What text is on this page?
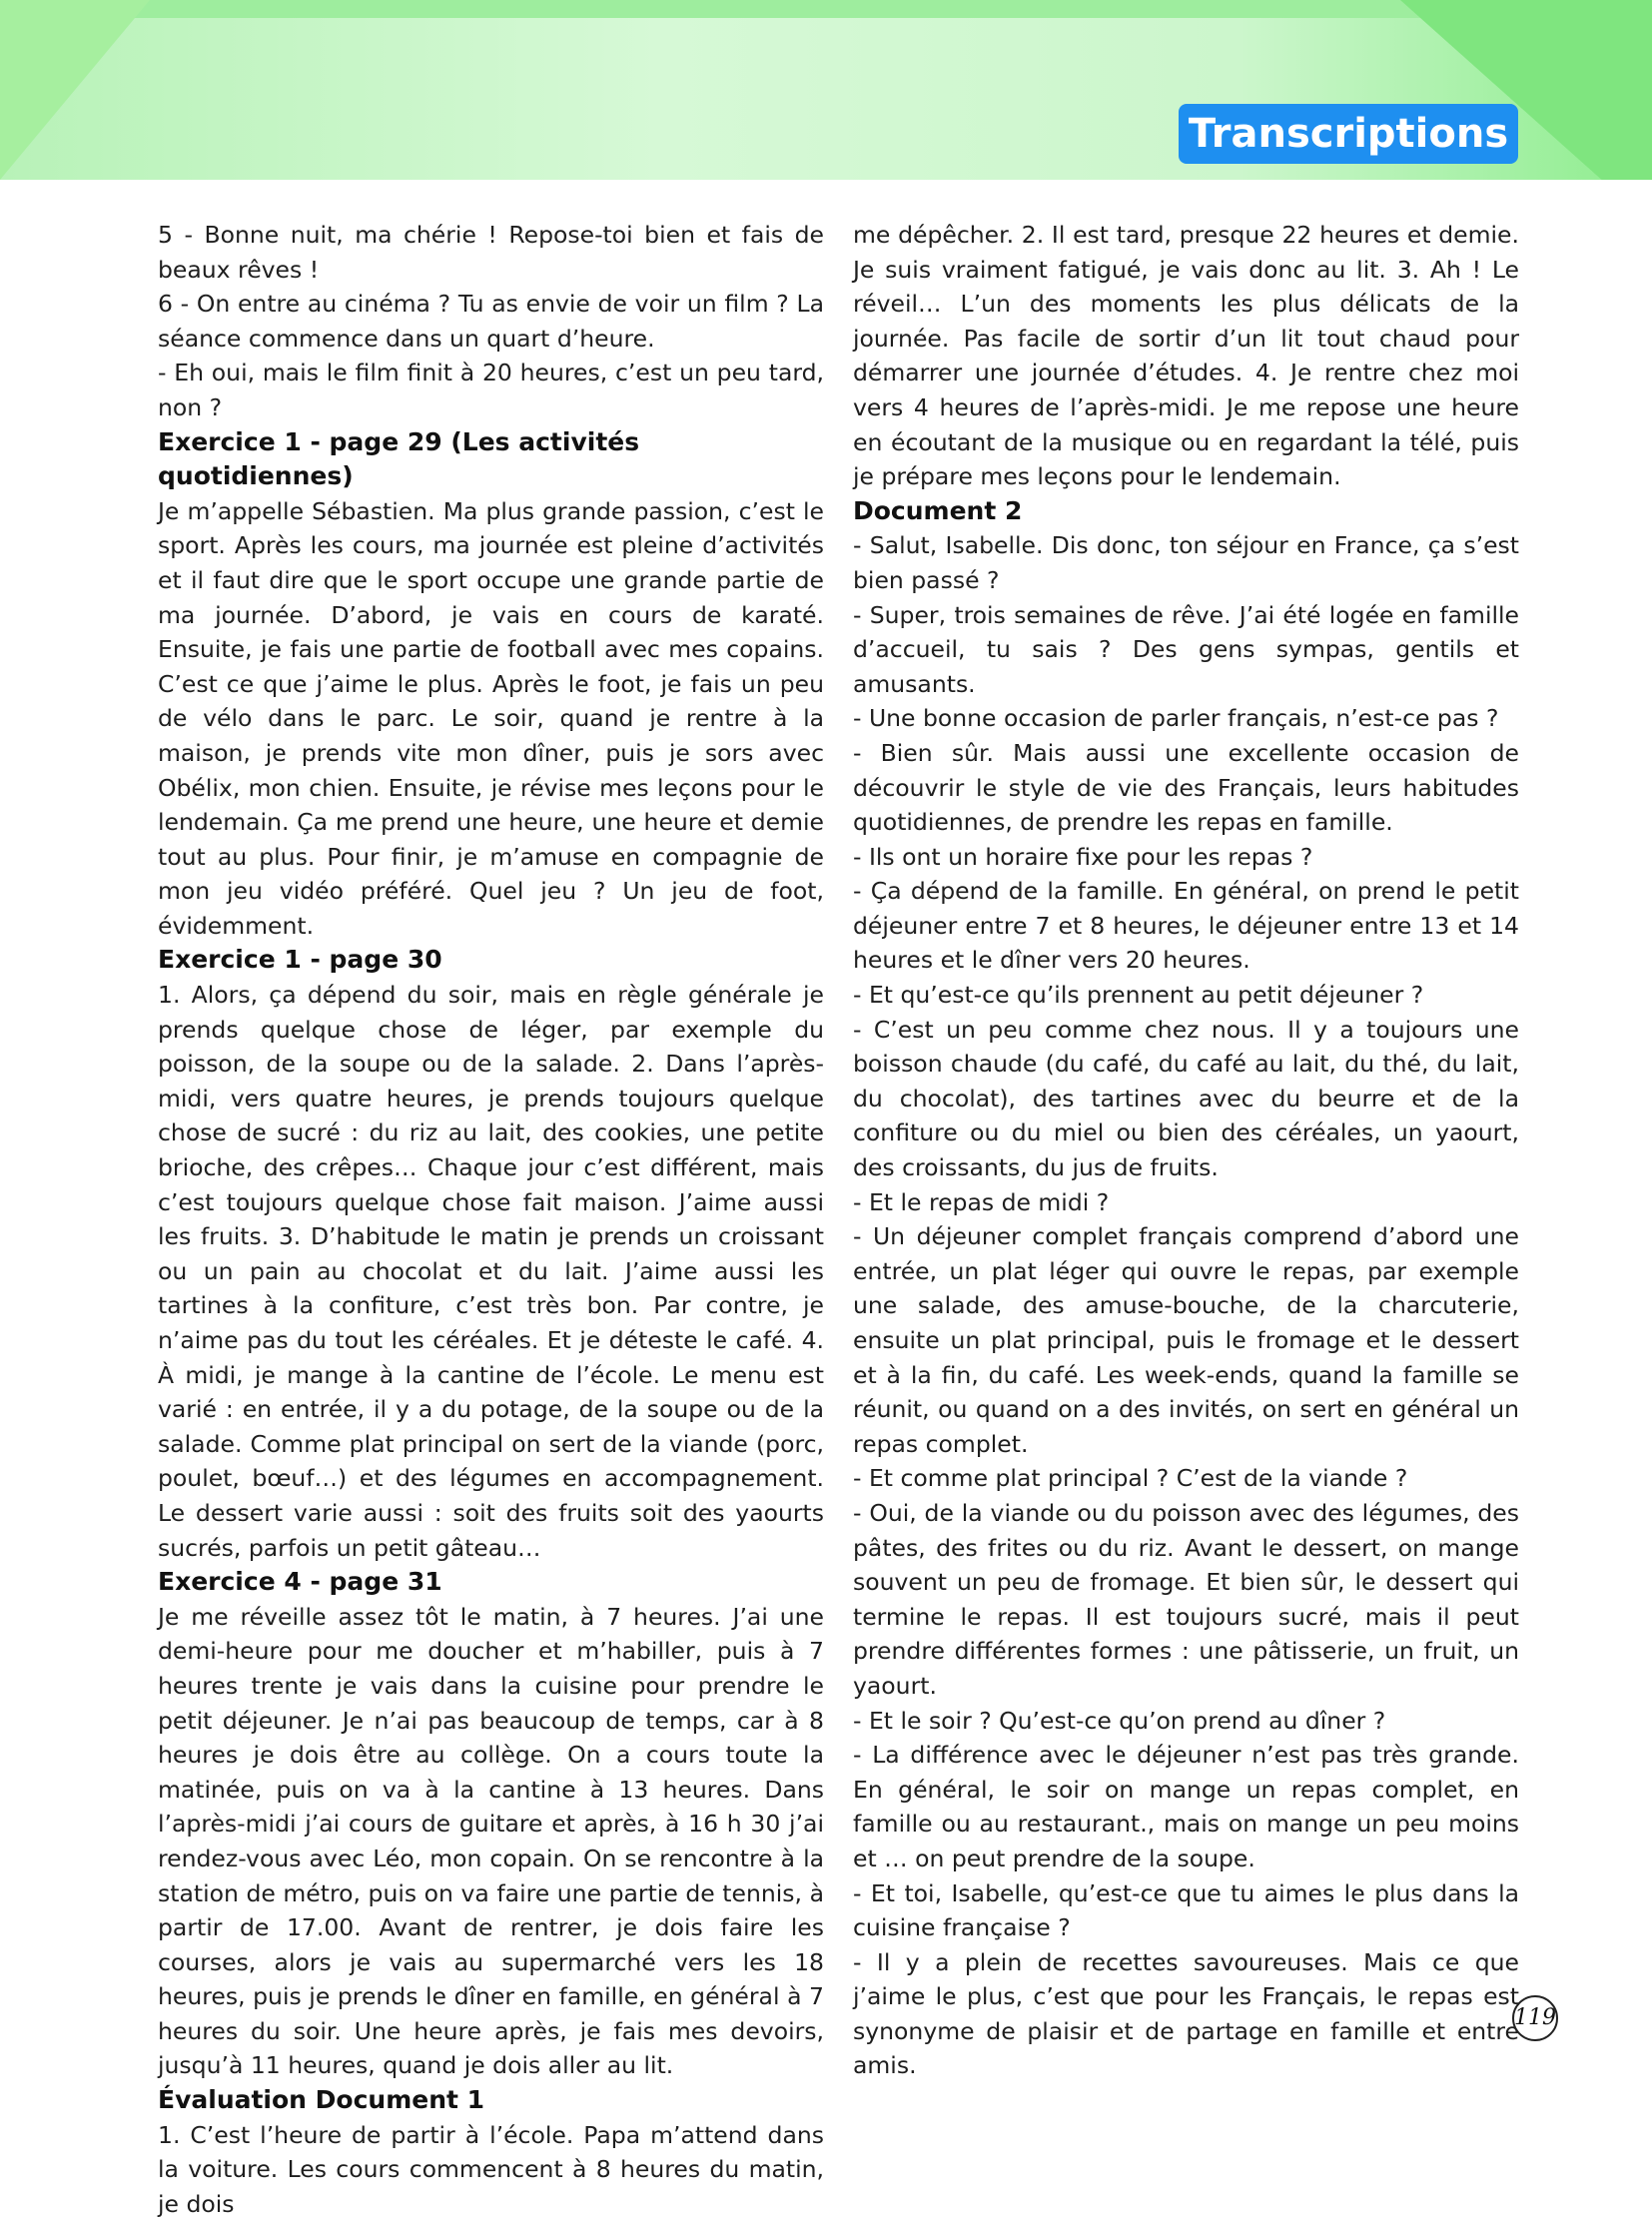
Transcriptions

5 - Bonne nuit, ma chérie ! Repose-toi bien et fais de beaux rêves !

6 - On entre au cinéma ? Tu as envie de voir un film ? La séance commence dans un quart d’heure.

- Eh oui, mais le film finit à 20 heures, c’est un peu tard, non ?

Exercice 1 - page 29 (Les activités quotidiennes)

Je m’appelle Sébastien. Ma plus grande passion, c’est le sport. Après les cours, ma journée est pleine d’activités et il faut dire que le sport occupe une grande partie de ma journée. D’abord, je vais en cours de karaté. Ensuite, je fais une partie de football avec mes copains. C’est ce que j’aime le plus. Après le foot, je fais un peu de vélo dans le parc. Le soir, quand je rentre à la maison, je prends vite mon dîner, puis je sors avec Obélix, mon chien. Ensuite, je révise mes leçons pour le lendemain. Ça me prend une heure, une heure et demie tout au plus. Pour finir, je m’amuse en compagnie de mon jeu vidéo préféré. Quel jeu ? Un jeu de foot, évidemment.

Exercice 1 - page 30

1. Alors, ça dépend du soir, mais en règle générale je prends quelque chose de léger, par exemple du poisson, de la soupe ou de la salade. 2. Dans l’après-midi, vers quatre heures, je prends toujours quelque chose de sucré : du riz au lait, des cookies, une petite brioche, des crêpes… Chaque jour c’est différent, mais c’est toujours quelque chose fait maison. J’aime aussi les fruits. 3. D’habitude le matin je prends un croissant ou un pain au chocolat et du lait. J’aime aussi les tartines à la confiture, c’est très bon. Par contre, je n’aime pas du tout les céréales. Et je déteste le café. 4. À midi, je mange à la cantine de l’école. Le menu est varié : en entrée, il y a du potage, de la soupe ou de la salade. Comme plat principal on sert de la viande (porc, poulet, bœuf…) et des légumes en accompagnement. Le dessert varie aussi : soit des fruits soit des yaourts sucrés, parfois un petit gâteau…

Exercice 4 - page 31

Je me réveille assez tôt le matin, à 7 heures. J’ai une demi-heure pour me doucher et m’habiller, puis à 7 heures trente je vais dans la cuisine pour prendre le petit déjeuner. Je n’ai pas beaucoup de temps, car à 8 heures je dois être au collège. On a cours toute la matinée, puis on va à la cantine à 13 heures. Dans l’après-midi j’ai cours de guitare et après, à 16 h 30 j’ai rendez-vous avec Léo, mon copain. On se rencontre à la station de métro, puis on va faire une partie de tennis, à partir de 17.00. Avant de rentrer, je dois faire les courses, alors je vais au supermarché vers les 18 heures, puis je prends le dîner en famille, en général à 7 heures du soir. Une heure après, je fais mes devoirs, jusqu’à 11 heures, quand je dois aller au lit.

Évaluation Document 1

1. C’est l’heure de partir à l’école. Papa m’attend dans la voiture. Les cours commencent à 8 heures du matin, je dois

me dépêcher. 2. Il est tard, presque 22 heures et demie. Je suis vraiment fatigué, je vais donc au lit. 3. Ah ! Le réveil… L’un des moments les plus délicats de la journée. Pas facile de sortir d’un lit tout chaud pour démarrer une journée d’études. 4. Je rentre chez moi vers 4 heures de l’après-midi. Je me repose une heure en écoutant de la musique ou en regardant la télé, puis je prépare mes leçons pour le lendemain.

Document 2

- Salut, Isabelle. Dis donc, ton séjour en France, ça s’est bien passé ?

- Super, trois semaines de rêve. J’ai été logée en famille d’accueil, tu sais ? Des gens sympas, gentils et amusants.

- Une bonne occasion de parler français, n’est-ce pas ?

- Bien sûr. Mais aussi une excellente occasion de découvrir le style de vie des Français, leurs habitudes quotidiennes, de prendre les repas en famille.

- Ils ont un horaire fixe pour les repas ?

- Ça dépend de la famille. En général, on prend le petit déjeuner entre 7 et 8 heures, le déjeuner entre 13 et 14 heures et le dîner vers 20 heures.

- Et qu’est-ce qu’ils prennent au petit déjeuner ?

- C’est un peu comme chez nous. Il y a toujours une boisson chaude (du café, du café au lait, du thé, du lait, du chocolat), des tartines avec du beurre et de la confiture ou du miel ou bien des céréales, un yaourt, des croissants, du jus de fruits.

- Et le repas de midi ?

- Un déjeuner complet français comprend d’abord une entrée, un plat léger qui ouvre le repas, par exemple une salade, des amuse-bouche, de la charcuterie, ensuite un plat principal, puis le fromage et le dessert et à la fin, du café. Les week-ends, quand la famille se réunit, ou quand on a des invités, on sert en général un repas complet.

- Et comme plat principal ? C’est de la viande ?

- Oui, de la viande ou du poisson avec des légumes, des pâtes, des frites ou du riz. Avant le dessert, on mange souvent un peu de fromage. Et bien sûr, le dessert qui termine le repas. Il est toujours sucré, mais il peut prendre différentes formes : une pâtisserie, un fruit, un yaourt.

- Et le soir ? Qu’est-ce qu’on prend au dîner ?

- La différence avec le déjeuner n’est pas très grande. En général, le soir on mange un repas complet, en famille ou au restaurant., mais on mange un peu moins et … on peut prendre de la soupe.

- Et toi, Isabelle, qu’est-ce que tu aimes le plus dans la cuisine française ?

- Il y a plein de recettes savoureuses. Mais ce que j’aime le plus, c’est que pour les Français, le repas est synonyme de plaisir et de partage en famille et entre amis.

119
